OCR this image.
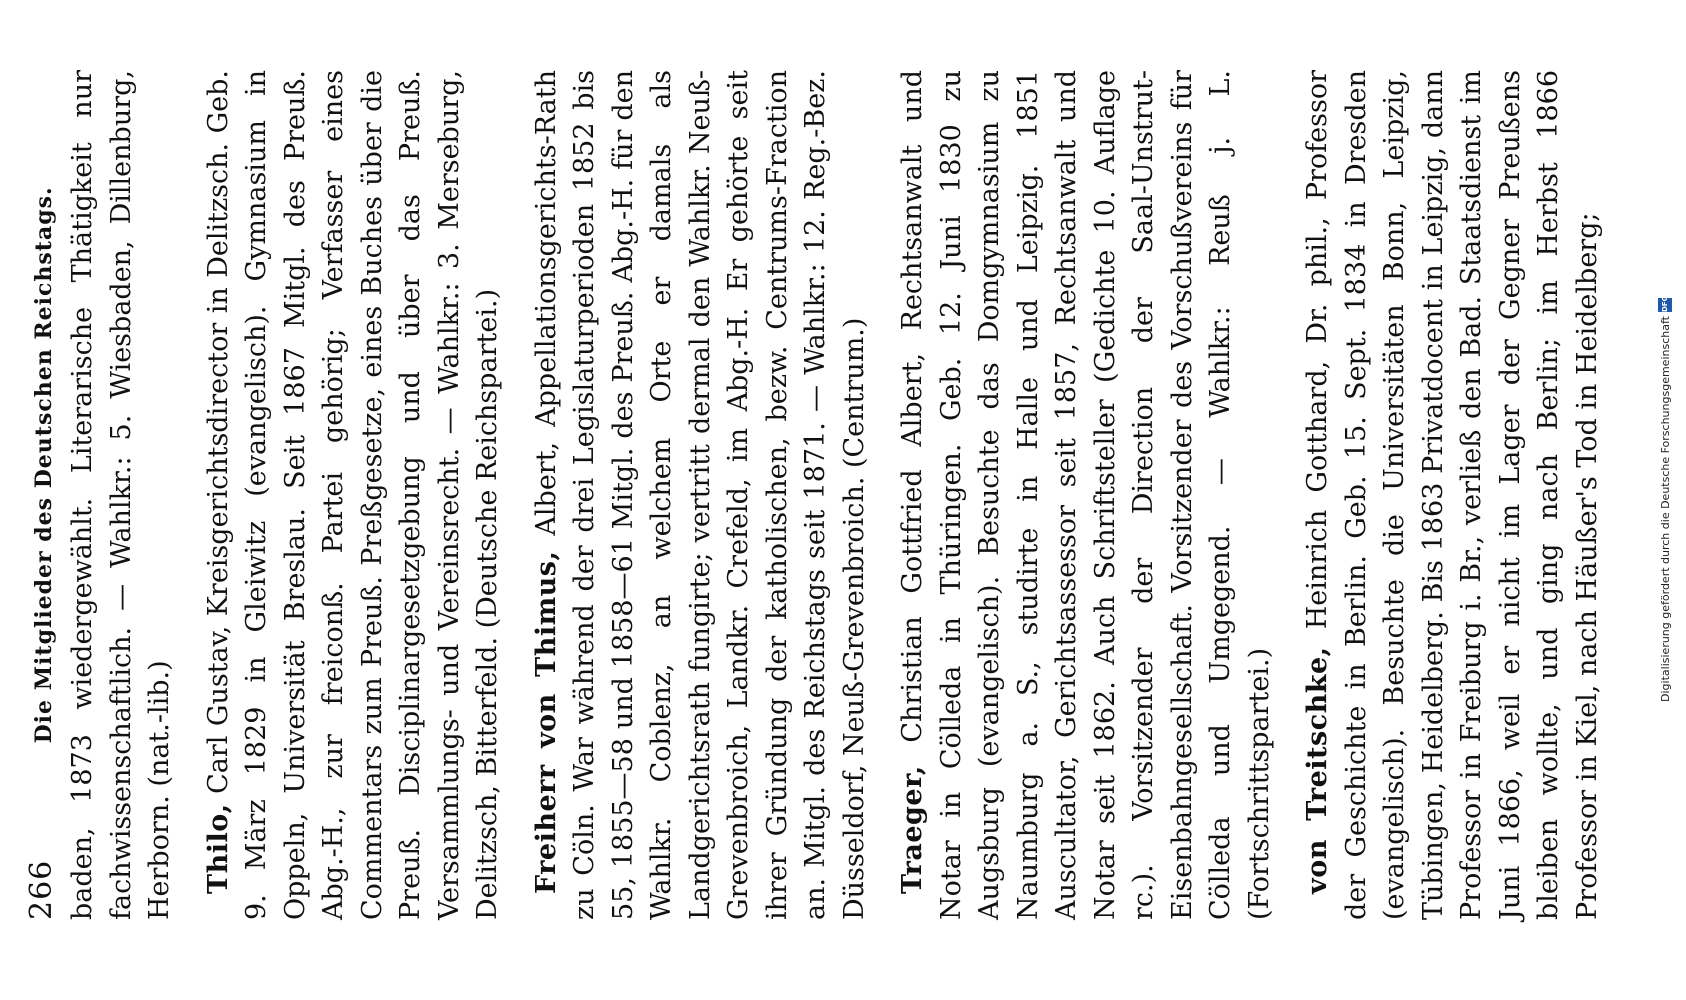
266
Die Mitglieder des Deutschen Reichstags. baden, 1873 wiedergewählt. Literarische Thätigkeit nur fachwissenschaftlich. — Wahlkr.: 5. Wiesbaden, Dillenburg, Herborn. (nat.-lib.) Thilo, Carl Gustav, Kreisgerichtsdirector in Delitzsch. Geb. 9. März 1829 in Gleiwitz (evangelisch). Gymnasium in Oppeln, Universität Breslau. Seit 1867 Mitgl. des Preuß. Abg.-H., zur freiconß. Partei gehörig; Verfasser eines Commentars zum Preuß. Preßgesetze, eines Buches über die Preuß. Disciplinargesetzgebung und über das Preuß. Versammlungs- und Vereinsrecht. — Wahlkr.: 3. Merseburg, Delitzsch, Bitterfeld. (Deutsche Reichspartei.) Freiherr von Thimus, Albert, Appellationsgerichts-Rath zu Cöln. War während der drei Legislaturperioden 1852 bis 55, 1855—58 und 1858—61 Mitgl. des Preuß. Abg.-H. für den Wahlkr. Coblenz, an welchem Orte er damals als Landgerichtsrath fungirte; vertritt dermal den Wahlkr. Neuß-Grevenbroich, Landkr. Crefeld, im Abg.-H. Er gehörte seit ihrer Gründung der katholischen, bezw. Centrums-Fraction an. Mitgl. des Reichstags seit 1871. — Wahlkr.: 12. Reg.-Bez. Düsseldorf, Neuß-Grevenbroich. (Centrum.) Traeger, Christian Gottfried Albert, Rechtsanwalt und Notar in Cölleda in Thüringen. Geb. 12. Juni 1830 zu Augsburg (evangelisch). Besuchte das Domgymnasium zu Naumburg a. S., studirte in Halle und Leipzig. 1851 Auscultator, Gerichtsassessor seit 1857, Rechtsanwalt und Notar seit 1862. Auch Schriftsteller (Gedichte 10. Auflage rc.). Vorsitzender der Direction der Saal-Unstrut-Eisenbahngesellschaft. Vorsitzender des Vorschußvereins für Cölleda und Umgegend. — Wahlkr.: Reuß j. L. (Fortschrittspartei.) von Treitschke, Heinrich Gotthard, Dr. phil., Professor der Geschichte in Berlin. Geb. 15. Sept. 1834 in Dresden (evangelisch). Besuchte die Universitäten Bonn, Leipzig, Tübingen, Heidelberg. Bis 1863 Privatdocent in Leipzig, dann Professor in Freiburg i. Br., verließ den Bad. Staatsdienst im Juni 1866, weil er nicht im Lager der Gegner Preußens bleiben wollte, und ging nach Berlin; im Herbst 1866 Professor in Kiel, nach Häußer's Tod in Heidelberg;	Digitalisierung gefördert durch die Deutsche Forschungsgemeinschaft
DFG
